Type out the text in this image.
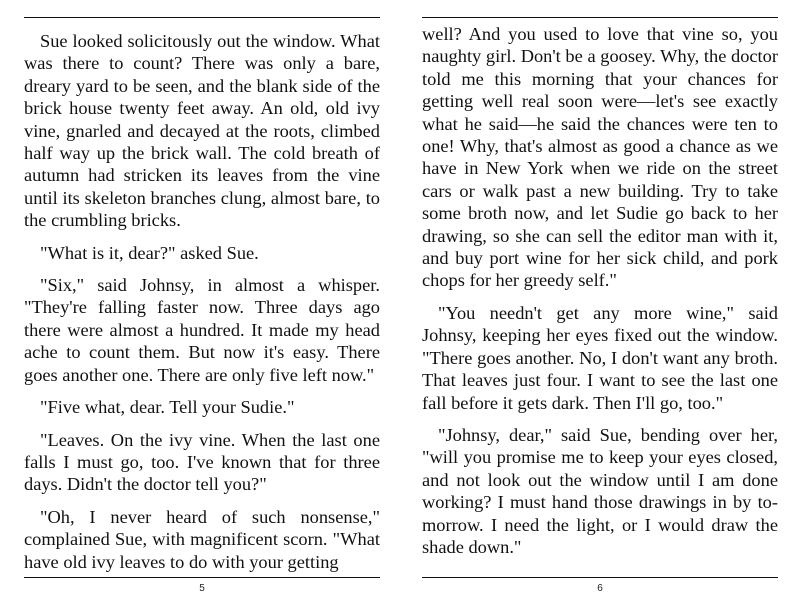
Sue looked solicitously out the window. What was there to count? There was only a bare, dreary yard to be seen, and the blank side of the brick house twenty feet away. An old, old ivy vine, gnarled and decayed at the roots, climbed half way up the brick wall. The cold breath of autumn had stricken its leaves from the vine until its skeleton branches clung, almost bare, to the crumbling bricks.

"What is it, dear?" asked Sue.

"Six," said Johnsy, in almost a whisper. "They're falling faster now. Three days ago there were almost a hundred. It made my head ache to count them. But now it's easy. There goes another one. There are only five left now."

"Five what, dear. Tell your Sudie."

"Leaves. On the ivy vine. When the last one falls I must go, too. I've known that for three days. Didn't the doctor tell you?"

"Oh, I never heard of such nonsense," complained Sue, with magnificent scorn. "What have old ivy leaves to do with your getting

5

well? And you used to love that vine so, you naughty girl. Don't be a goosey. Why, the doctor told me this morning that your chances for getting well real soon were—let's see exactly what he said—he said the chances were ten to one! Why, that's almost as good a chance as we have in New York when we ride on the street cars or walk past a new building. Try to take some broth now, and let Sudie go back to her drawing, so she can sell the editor man with it, and buy port wine for her sick child, and pork chops for her greedy self."

"You needn't get any more wine," said Johnsy, keeping her eyes fixed out the window. "There goes another. No, I don't want any broth. That leaves just four. I want to see the last one fall before it gets dark. Then I'll go, too."

"Johnsy, dear," said Sue, bending over her, "will you promise me to keep your eyes closed, and not look out the window until I am done working? I must hand those drawings in by to-morrow. I need the light, or I would draw the shade down."

6
